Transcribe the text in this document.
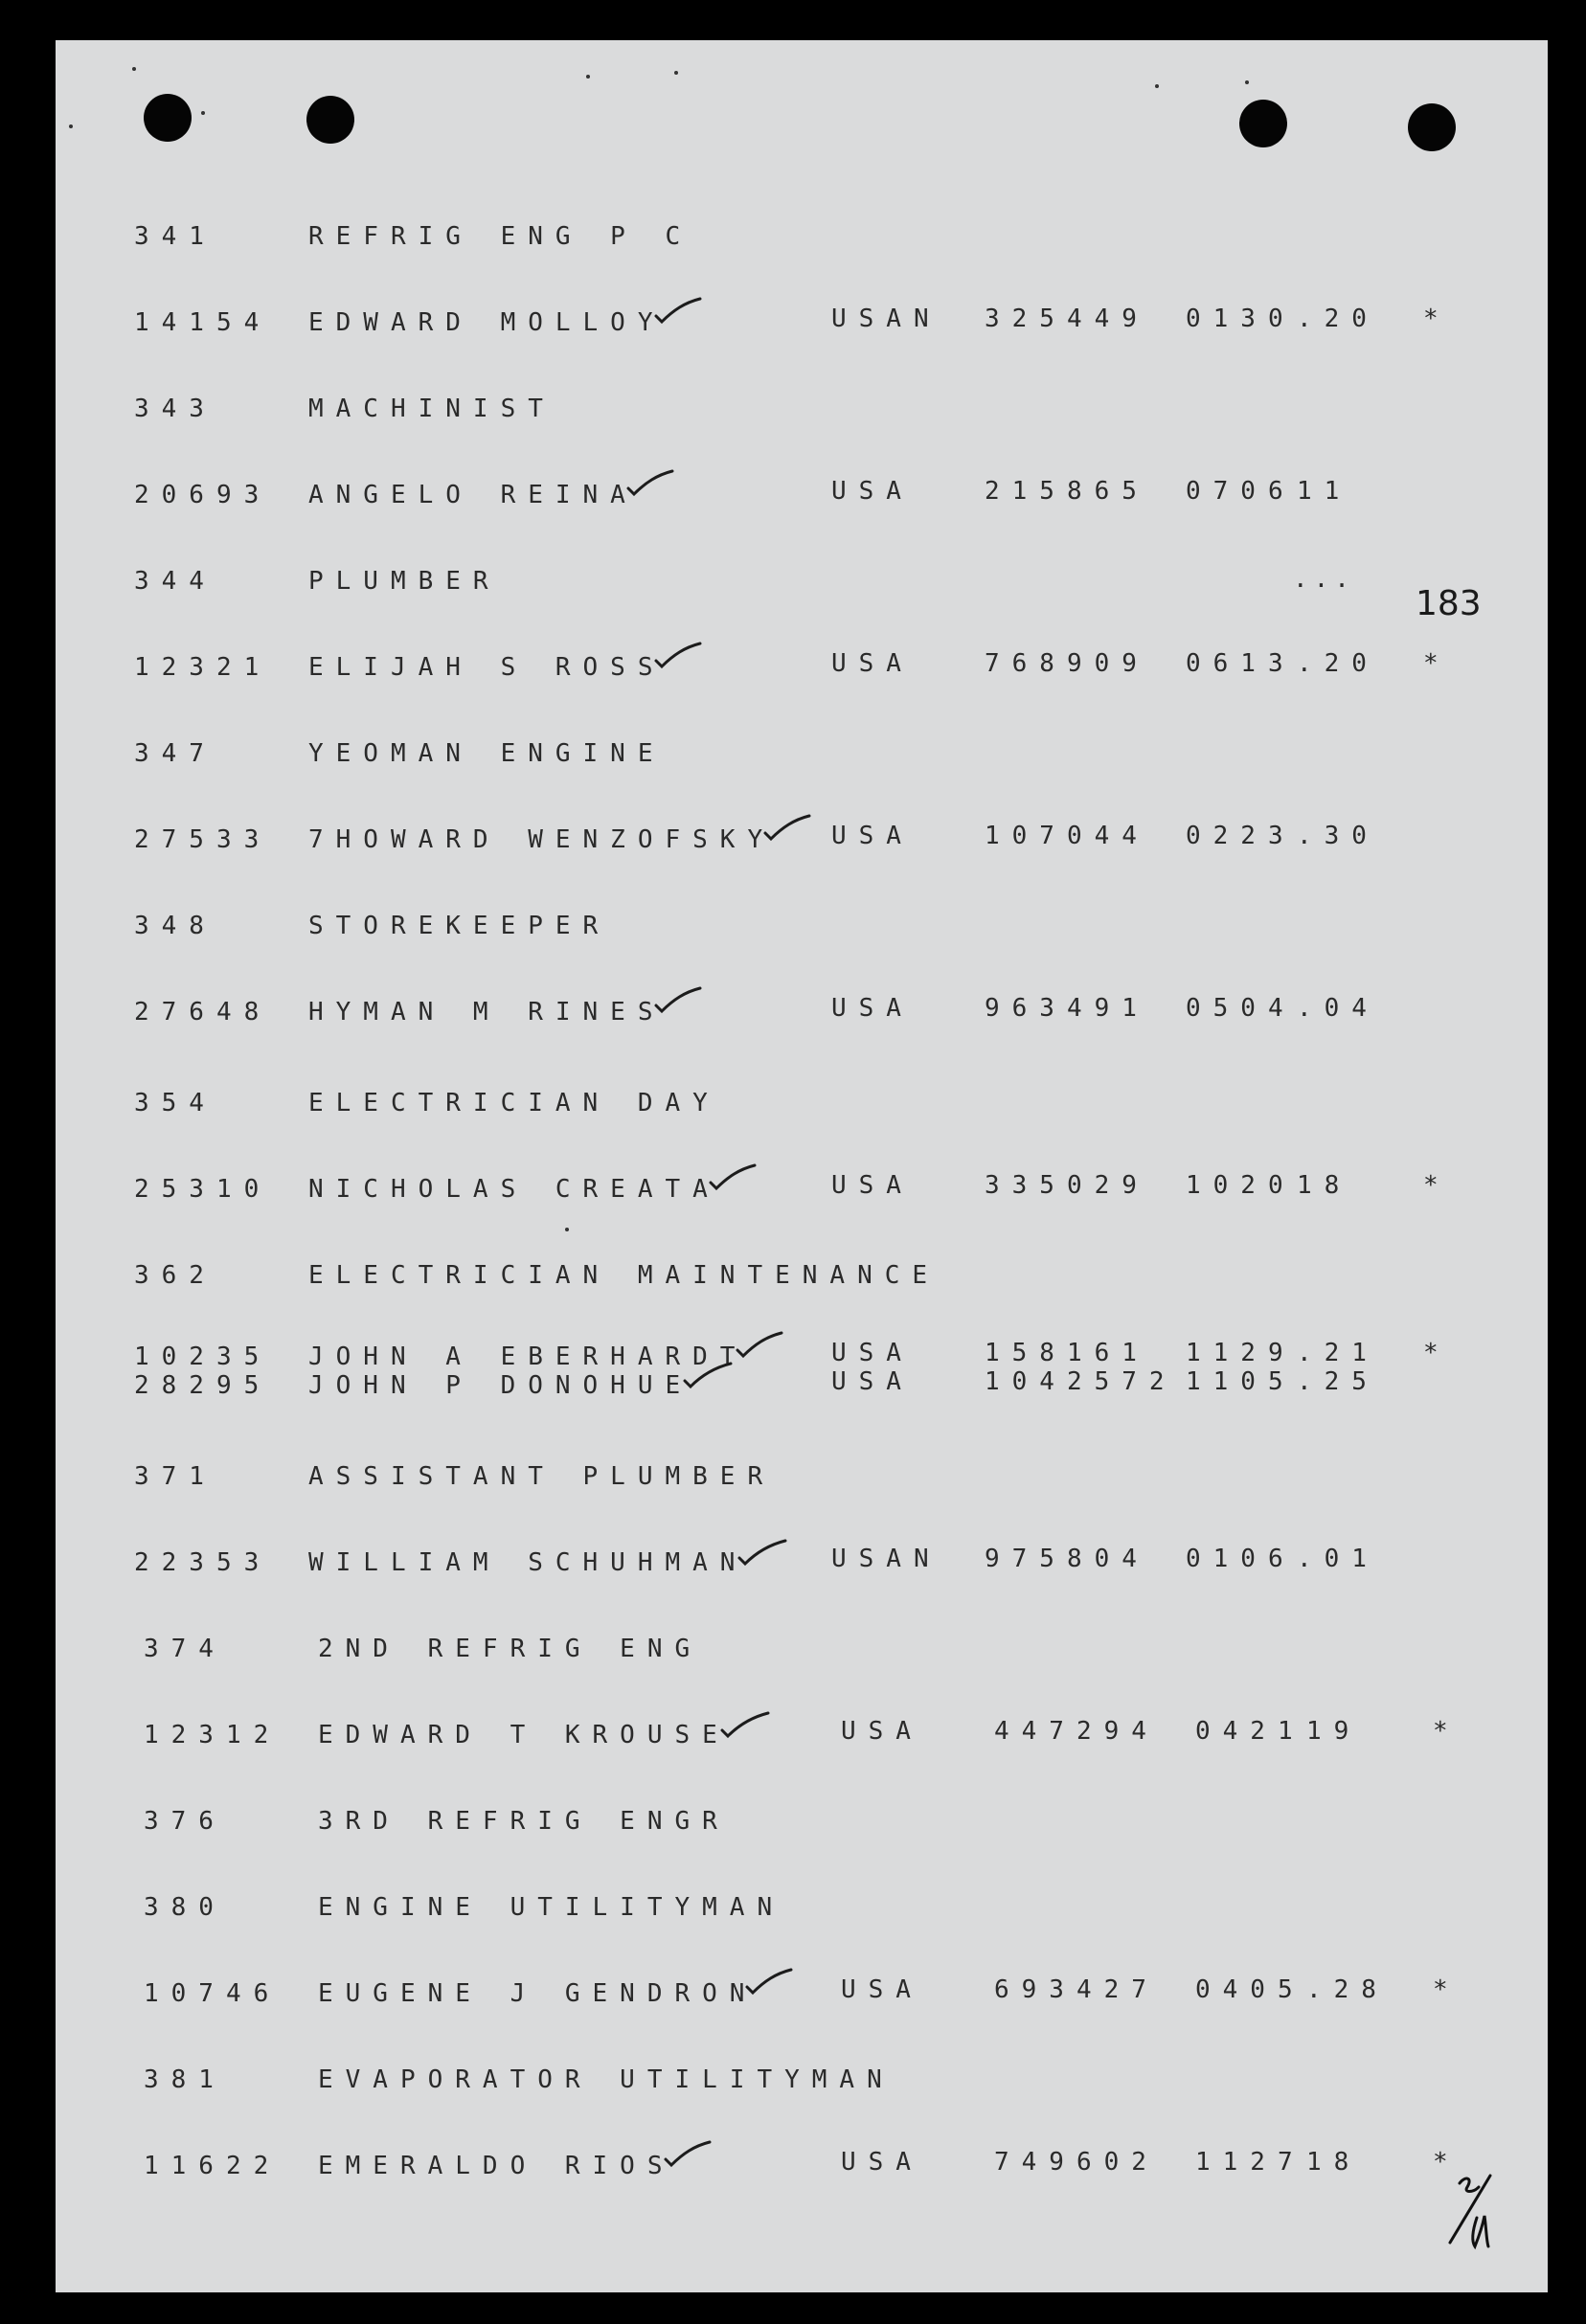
183
...
341	REFRIG ENG P C
14154 EDWARD MOLLOY	USAN 325449 0130 .20 *
343	MACHINIST
20693 ANGELO REINA	USA	215865 0706 11
344	PLUMBER
12321 ELIJAH S ROSS	USA	768909 0613 .20 *
347	YEOMAN ENGINE
27533 7HOWARD WENZOFSKY USA	107044 0223 .30
348	STOREKEEPER
27648 HYMAN M RINES	USA	963491 0504 .04
354	ELECTRICIAN DAY
25310 NICHOLAS CREATA	USA	335029 1020 18	*
362	ELECTRICIAN MAINTENANCE
10235 JOHN A EBERHARDT	USA	158161 1129 .21 *
28295 JOHN P DONOHUE	USA	1042572 1105 .25
371	ASSISTANT PLUMBER
22353 WILLIAM SCHUHMAN	USAN 975804 0106 .01
374	2ND REFRIG ENG
12312 EDWARD T KROUSE	USA	447294 0421 19	*
376	3RD REFRIG ENGR
380	ENGINE UTILITYMAN
10746 EUGENE J GENDRON	USA	693427 0405 .28 *
381	EVAPORATOR UTILITYMAN
11622 EMERALDO RIOS	USA	749602 1127 18	*
